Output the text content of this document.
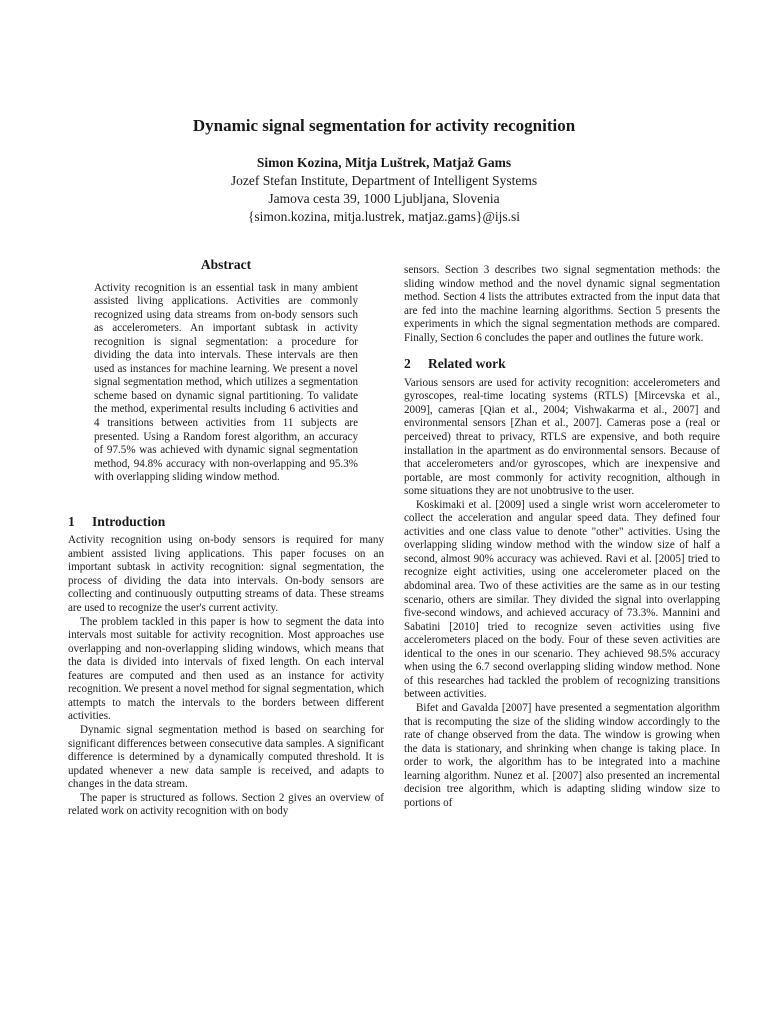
Dynamic signal segmentation for activity recognition
Simon Kozina, Mitja Luštrek, Matjaž Gams
Jozef Stefan Institute, Department of Intelligent Systems
Jamova cesta 39, 1000 Ljubljana, Slovenia
{simon.kozina, mitja.lustrek, matjaz.gams}@ijs.si
Abstract

Activity recognition is an essential task in many ambient assisted living applications. Activities are commonly recognized using data streams from on-body sensors such as accelerometers. An important subtask in activity recognition is signal segmentation: a procedure for dividing the data into intervals. These intervals are then used as instances for machine learning. We present a novel signal segmentation method, which utilizes a segmentation scheme based on dynamic signal partitioning. To validate the method, experimental results including 6 activities and 4 transitions between activities from 11 subjects are presented. Using a Random forest algorithm, an accuracy of 97.5% was achieved with dynamic signal segmentation method, 94.8% accuracy with non-overlapping and 95.3% with overlapping sliding window method.

1 Introduction

Activity recognition using on-body sensors is required for many ambient assisted living applications. This paper focuses on an important subtask in activity recognition: signal segmentation, the process of dividing the data into intervals. On-body sensors are collecting and continuously outputting streams of data. These streams are used to recognize the user's current activity.

The problem tackled in this paper is how to segment the data into intervals most suitable for activity recognition. Most approaches use overlapping and non-overlapping sliding windows, which means that the data is divided into intervals of fixed length. On each interval features are computed and then used as an instance for activity recognition. We present a novel method for signal segmentation, which attempts to match the intervals to the borders between different activities.

Dynamic signal segmentation method is based on searching for significant differences between consecutive data samples. A significant difference is determined by a dynamically computed threshold. It is updated whenever a new data sample is received, and adapts to changes in the data stream.

The paper is structured as follows. Section 2 gives an overview of related work on activity recognition with on body

sensors. Section 3 describes two signal segmentation methods: the sliding window method and the novel dynamic signal segmentation method. Section 4 lists the attributes extracted from the input data that are fed into the machine learning algorithms. Section 5 presents the experiments in which the signal segmentation methods are compared. Finally, Section 6 concludes the paper and outlines the future work.

2 Related work

Various sensors are used for activity recognition: accelerometers and gyroscopes, real-time locating systems (RTLS) [Mircevska et al., 2009], cameras [Qian et al., 2004; Vishwakarma et al., 2007] and environmental sensors [Zhan et al., 2007]. Cameras pose a (real or perceived) threat to privacy, RTLS are expensive, and both require installation in the apartment as do environmental sensors. Because of that accelerometers and/or gyroscopes, which are inexpensive and portable, are most commonly for activity recognition, although in some situations they are not unobtrusive to the user.

Koskimaki et al. [2009] used a single wrist worn accelerometer to collect the acceleration and angular speed data. They defined four activities and one class value to denote "other" activities. Using the overlapping sliding window method with the window size of half a second, almost 90% accuracy was achieved. Ravi et al. [2005] tried to recognize eight activities, using one accelerometer placed on the abdominal area. Two of these activities are the same as in our testing scenario, others are similar. They divided the signal into overlapping five-second windows, and achieved accuracy of 73.3%. Mannini and Sabatini [2010] tried to recognize seven activities using five accelerometers placed on the body. Four of these seven activities are identical to the ones in our scenario. They achieved 98.5% accuracy when using the 6.7 second overlapping sliding window method. None of this researches had tackled the problem of recognizing transitions between activities.

Bifet and Gavalda [2007] have presented a segmentation algorithm that is recomputing the size of the sliding window accordingly to the rate of change observed from the data. The window is growing when the data is stationary, and shrinking when change is taking place. In order to work, the algorithm has to be integrated into a machine learning algorithm. Nunez et al. [2007] also presented an incremental decision tree algorithm, which is adapting sliding window size to portions of
